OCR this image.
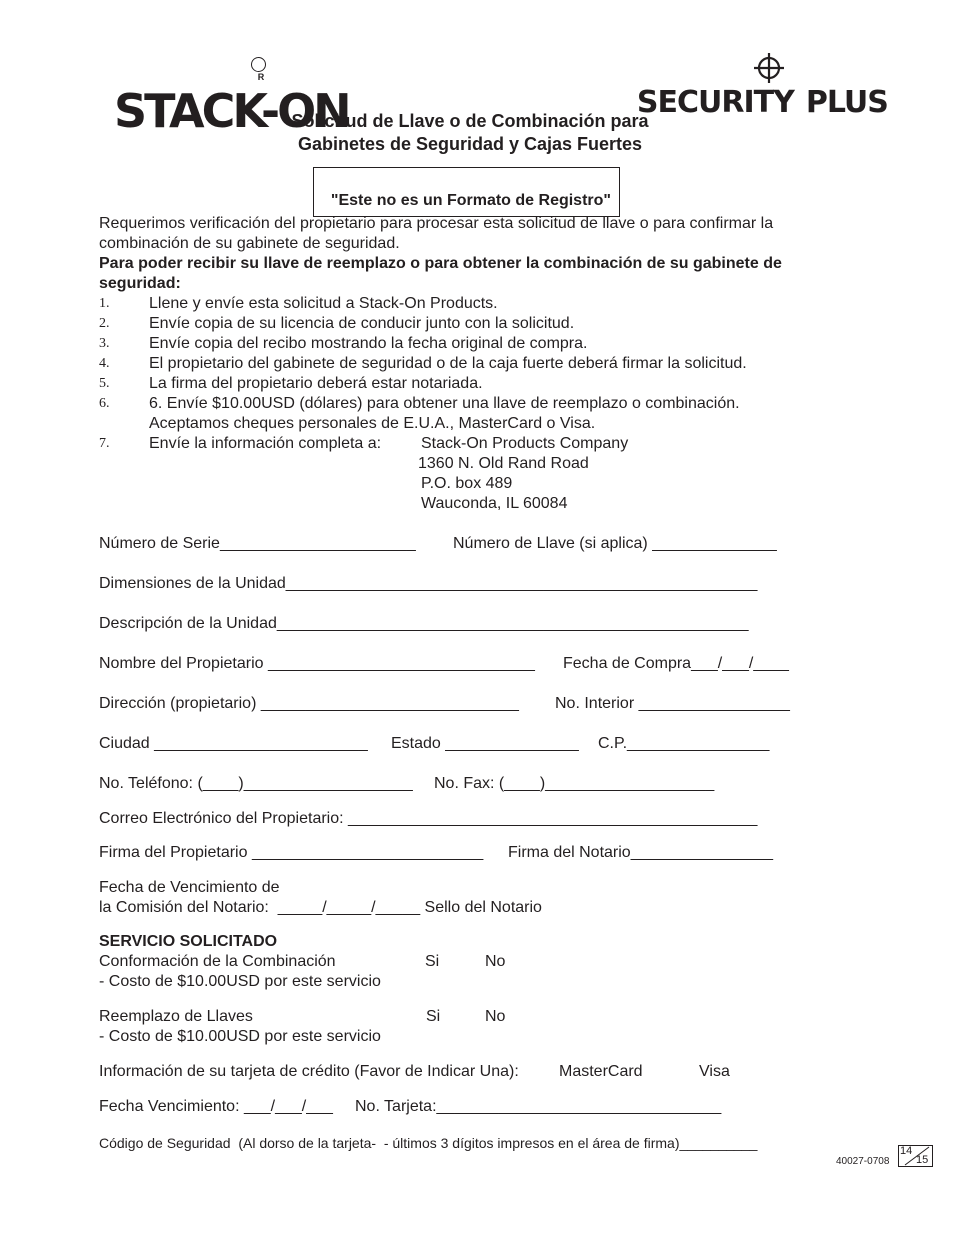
STACK-ON

R

SECURITY PLUS

Solicitud de Llave o de Combinación para
Gabinetes de Seguridad y Cajas Fuertes

"Este no es un Formato de Registro"

Requerimos verificación del propietario para procesar esta solicitud de llave o para confirmar la
combinación de su gabinete de seguridad.
Para poder recibir su llave de reemplazo o para obtener la combinación de su gabinete de
seguridad:
1. Llene y envíe esta solicitud a Stack-On Products.
2. Envíe copia de su licencia de conducir junto con la solicitud.
3. Envíe copia del recibo mostrando la fecha original de compra.
4. El propietario del gabinete de seguridad o de la caja fuerte deberá firmar la solicitud.
5. La firma del propietario deberá estar notariada.
6. 6. Envíe $10.00USD (dólares) para obtener una llave de reemplazo o combinación.
Aceptamos cheques personales de E.U.A., MasterCard o Visa.
7. Envíe la información completa a: Stack-On Products Company
1360 N. Old Rand Road
P.O. box 489
Wauconda, IL 60084
Número de Serie______________________ Número de Llave (si aplica) ______________
Dimensiones de la Unidad_____________________________________________________
Descripción de la Unidad_____________________________________________________
Nombre del Propietario ______________________________ Fecha de Compra___/___/____
Dirección (propietario) _____________________________ No. Interior _________________
Ciudad ________________________ Estado _______________ C.P.________________
No. Teléfono: (____)___________________ No. Fax: (____)___________________
Correo Electrónico del Propietario: ______________________________________________
Firma del Propietario __________________________ Firma del Notario________________
Fecha de Vencimiento de
la Comisión del Notario:  _____/_____/_____ Sello del Notario
SERVICIO SOLICITADO
Conformación de la Combinación	Si	No
- Costo de $10.00USD por este servicio
Reemplazo de Llaves	Si	No
- Costo de $10.00USD por este servicio
Información de su tarjeta de crédito (Favor de Indicar Una):	MasterCard	Visa
Fecha Vencimiento: ___/___/___ No. Tarjeta:________________________________
Código de Seguridad  (Al dorso de la tarjeta-  - últimos 3 dígitos impresos en el área de firma)__________
40027-0708

14

15
